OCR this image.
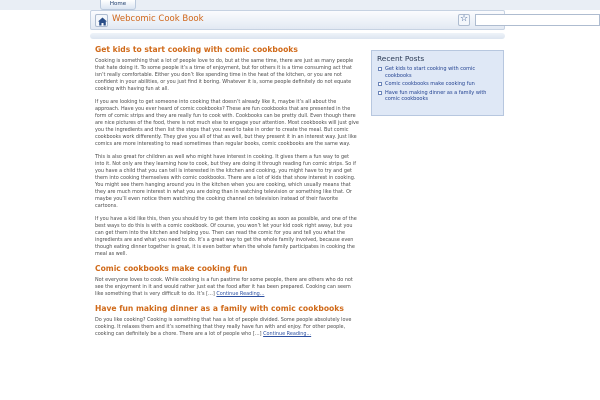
Home
Webcomic Cook Book	☆
Get kids to start cooking with comic cookbooks

Cooking is something that a lot of people love to do, but at the same time, there are just as many people that hate doing it. To some people it’s a time of enjoyment, but for others it is a time consuming act that isn’t really comfortable. Either you don’t like spending time in the heat of the kitchen, or you are not confident in your abilities, or you just find it boring. Whatever it is, some people definitely do not equate cooking with having fun at all.

If you are looking to get someone into cooking that doesn’t already like it, maybe it’s all about the approach. Have you ever heard of comic cookbooks? These are fun cookbooks that are presented in the form of comic strips and they are really fun to cook with. Cookbooks can be pretty dull. Even though there are nice pictures of the food, there is not much else to engage your attention. Most cookbooks will just give you the ingredients and then list the steps that you need to take in order to create the meal. But comic cookbooks work differently. They give you all of that as well, but they present it in an interest way. Just like comics are more interesting to read sometimes than regular books, comic cookbooks are the same way.

This is also great for children as well who might have interest in cooking. It gives them a fun way to get into it. Not only are they learning how to cook, but they are doing it through reading fun comic strips. So if you have a child that you can tell is interested in the kitchen and cooking, you might have to try and get them into cooking themselves with comic cookbooks. There are a lot of kids that show interest in cooking. You might see them hanging around you in the kitchen when you are cooking, which usually means that they are much more interest in what you are doing than in watching television or something like that. Or maybe you’ll even notice them watching the cooking channel on television instead of their favorite cartoons.

If you have a kid like this, then you should try to get them into cooking as soon as possible, and one of the best ways to do this is with a comic cookbook. Of course, you won’t let your kid cook right away, but you can get them into the kitchen and helping you. Then can read the comic for you and tell you what the ingredients are and what you need to do. It’s a great way to get the whole family involved, because even though eating dinner together is great, it is even better when the whole family participates in cooking the meal as well.

Comic cookbooks make cooking fun

Not everyone loves to cook. While cooking is a fun pastime for some people, there are others who do not see the enjoyment in it and would rather just eat the food after it has been prepared. Cooking can seem like something that is very difficult to do. It’s […] Continue Reading...

Have fun making dinner as a family with comic cookbooks

Do you like cooking? Cooking is something that has a lot of people divided. Some people absolutely love cooking. It relaxes them and it’s something that they really have fun with and enjoy. For other people, cooking can definitely be a chore. There are a lot of people who […] Continue Reading...

Recent Posts
Get kids to start cooking with comic cookbooks
Comic cookbooks make cooking fun
Have fun making dinner as a family with comic cookbooks
